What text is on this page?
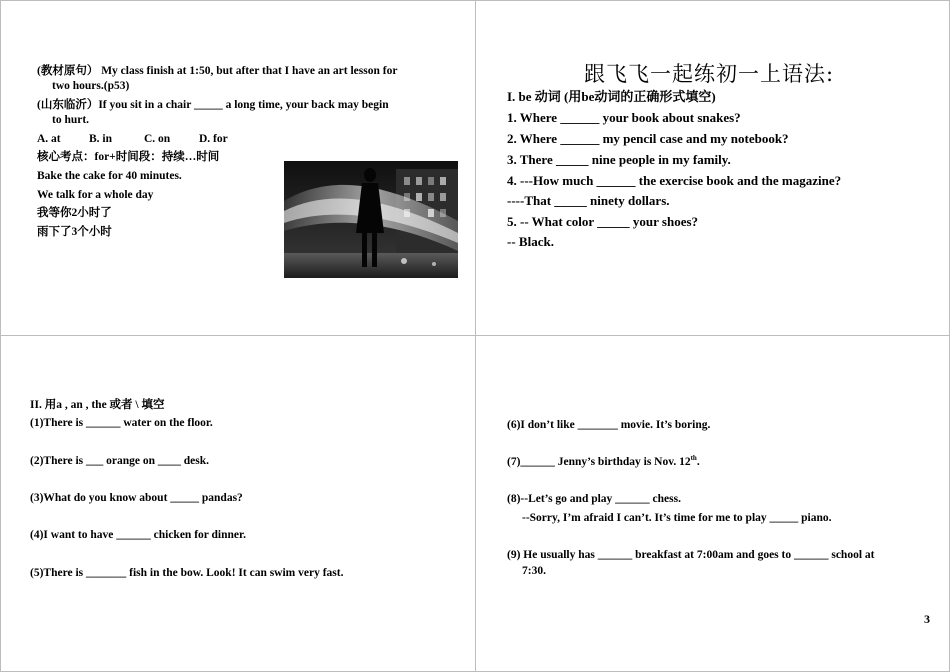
(教材原句） My class finish at 1:50, but after that I have an art lesson for
two hours.(p53)
(山东临沂）If you sit in a chair _____ a long time, your back may begin
to hurt.
A. at B. in	C. on	D. for
核心考点：for+时间段：持续…时间
Bake the cake for 40 minutes.
We talk for a whole day
我等你2小时了
雨下了3个小时
跟飞飞一起练初一上语法:
I. be 动词 (用be动词的正确形式填空)
1. Where ______ your book about snakes?
2. Where ______ my pencil case and my notebook?
3. There _____ nine people in my family.
4. ---How much ______ the exercise book and the magazine?
----That _____ ninety dollars.
5. -- What color _____ your shoes?
-- Black.
II. 用a , an , the 或者 \ 填空
(1)There is ______ water on the floor.
(2)There is ___ orange on ____ desk.
(3)What do you know about _____ pandas?
(4)I want to have ______ chicken for dinner.
(5)There is _______ fish in the bow. Look! It can swim very fast.
(6)I don’t like _______ movie. It’s boring.
(7)______ Jenny’s birthday is Nov. 12th.
(8)--Let’s go and play ______ chess.
--Sorry, I’m afraid I can’t. It’s time for me to play _____ piano.
(9) He usually has ______ breakfast at 7:00am and goes to ______ school at
7:30.
3
